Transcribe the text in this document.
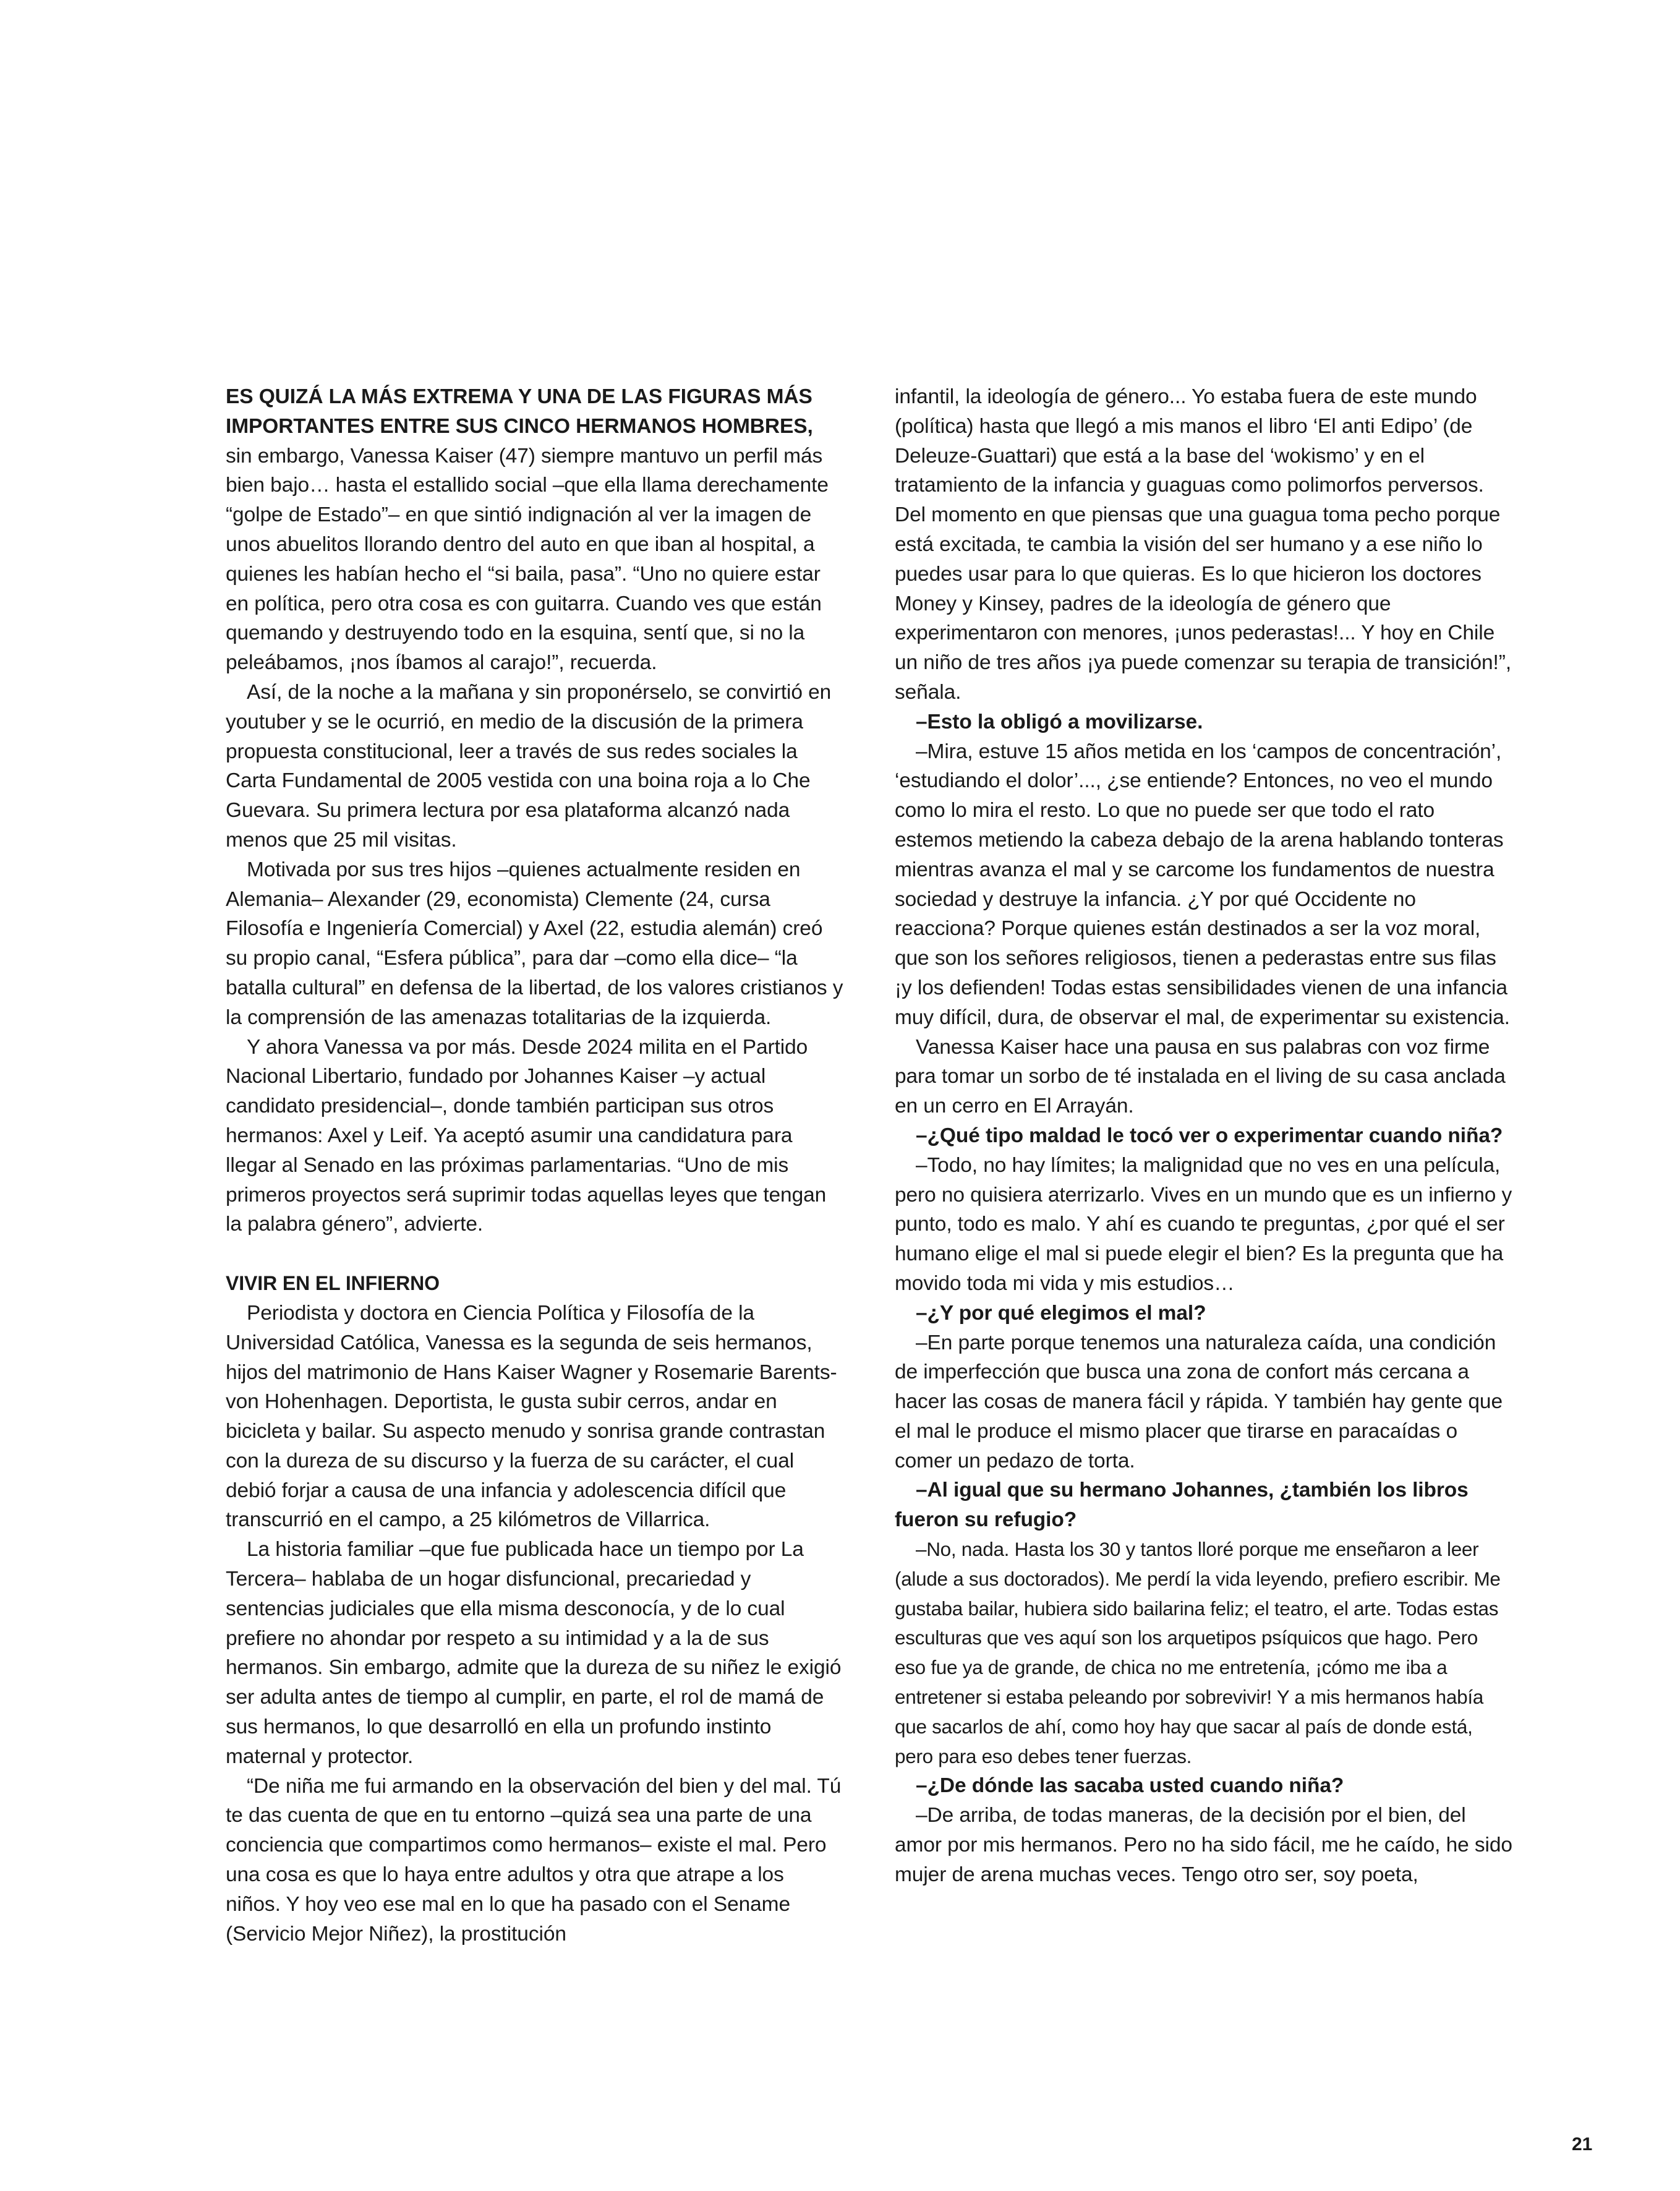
ES QUIZÁ LA MÁS EXTREMA Y UNA DE LAS FIGURAS MÁS IMPORTANTES ENTRE SUS CINCO HERMANOS HOMBRES, sin embargo, Vanessa Kaiser (47) siempre mantuvo un perfil más bien bajo… hasta el estallido social –que ella llama derechamente “golpe de Estado”– en que sintió indignación al ver la imagen de unos abuelitos llorando dentro del auto en que iban al hospital, a quienes les habían hecho el “si baila, pasa”. “Uno no quiere estar en política, pero otra cosa es con guitarra. Cuando ves que están quemando y destruyendo todo en la esquina, sentí que, si no la peleábamos, ¡nos íbamos al carajo!”, recuerda.

Así, de la noche a la mañana y sin proponérselo, se convirtió en youtuber y se le ocurrió, en medio de la discusión de la primera propuesta constitucional, leer a través de sus redes sociales la Carta Fundamental de 2005 vestida con una boina roja a lo Che Guevara. Su primera lectura por esa plataforma alcanzó nada menos que 25 mil visitas.

Motivada por sus tres hijos –quienes actualmente residen en Alemania– Alexander (29, economista) Clemente (24, cursa Filosofía e Ingeniería Comercial) y Axel (22, estudia alemán) creó su propio canal, “Esfera pública”, para dar –como ella dice– “la batalla cultural” en defensa de la libertad, de los valores cristianos y la comprensión de las amenazas totalitarias de la izquierda.

Y ahora Vanessa va por más. Desde 2024 milita en el Partido Nacional Libertario, fundado por Johannes Kaiser –y actual candidato presidencial–, donde también participan sus otros hermanos: Axel y Leif. Ya aceptó asumir una candidatura para llegar al Senado en las próximas parlamentarias. “Uno de mis primeros proyectos será suprimir todas aquellas leyes que tengan la palabra género”, advierte.

VIVIR EN EL INFIERNO

Periodista y doctora en Ciencia Política y Filosofía de la Universidad Católica, Vanessa es la segunda de seis hermanos, hijos del matrimonio de Hans Kaiser Wagner y Rosemarie Barents-von Hohenhagen. Deportista, le gusta subir cerros, andar en bicicleta y bailar. Su aspecto menudo y sonrisa grande contrastan con la dureza de su discurso y la fuerza de su carácter, el cual debió forjar a causa de una infancia y adolescencia difícil que transcurrió en el campo, a 25 kilómetros de Villarrica.

La historia familiar –que fue publicada hace un tiempo por La Tercera– hablaba de un hogar disfuncional, precariedad y sentencias judiciales que ella misma desconocía, y de lo cual prefiere no ahondar por respeto a su intimidad y a la de sus hermanos. Sin embargo, admite que la dureza de su niñez le exigió ser adulta antes de tiempo al cumplir, en parte, el rol de mamá de sus hermanos, lo que desarrolló en ella un profundo instinto maternal y protector.

“De niña me fui armando en la observación del bien y del mal. Tú te das cuenta de que en tu entorno –quizá sea una parte de una conciencia que compartimos como hermanos– existe el mal. Pero una cosa es que lo haya entre adultos y otra que atrape a los niños. Y hoy veo ese mal en lo que ha pasado con el Sename (Servicio Mejor Niñez), la prostitución

infantil, la ideología de género... Yo estaba fuera de este mundo (política) hasta que llegó a mis manos el libro ‘El anti Edipo’ (de Deleuze-Guattari) que está a la base del ‘wokismo’ y en el tratamiento de la infancia y guaguas como polimorfos perversos. Del momento en que piensas que una guagua toma pecho porque está excitada, te cambia la visión del ser humano y a ese niño lo puedes usar para lo que quieras. Es lo que hicieron los doctores Money y Kinsey, padres de la ideología de género que experimentaron con menores, ¡unos pederastas!... Y hoy en Chile un niño de tres años ¡ya puede comenzar su terapia de transición!”, señala.

–Esto la obligó a movilizarse.

–Mira, estuve 15 años metida en los ‘campos de concentración’, ‘estudiando el dolor’..., ¿se entiende? Entonces, no veo el mundo como lo mira el resto. Lo que no puede ser que todo el rato estemos metiendo la cabeza debajo de la arena hablando tonteras mientras avanza el mal y se carcome los fundamentos de nuestra sociedad y destruye la infancia. ¿Y por qué Occidente no reacciona? Porque quienes están destinados a ser la voz moral, que son los señores religiosos, tienen a pederastas entre sus filas ¡y los defienden! Todas estas sensibilidades vienen de una infancia muy difícil, dura, de observar el mal, de experimentar su existencia.

Vanessa Kaiser hace una pausa en sus palabras con voz firme para tomar un sorbo de té instalada en el living de su casa anclada en un cerro en El Arrayán.

–¿Qué tipo maldad le tocó ver o experimentar cuando niña?

–Todo, no hay límites; la malignidad que no ves en una película, pero no quisiera aterrizarlo. Vives en un mundo que es un infierno y punto, todo es malo. Y ahí es cuando te preguntas, ¿por qué el ser humano elige el mal si puede elegir el bien? Es la pregunta que ha movido toda mi vida y mis estudios…

–¿Y por qué elegimos el mal?

–En parte porque tenemos una naturaleza caída, una condición de imperfección que busca una zona de confort más cercana a hacer las cosas de manera fácil y rápida. Y también hay gente que el mal le produce el mismo placer que tirarse en paracaídas o comer un pedazo de torta.

–Al igual que su hermano Johannes, ¿también los libros fueron su refugio?

–No, nada. Hasta los 30 y tantos lloré porque me enseñaron a leer (alude a sus doctorados). Me perdí la vida leyendo, prefiero escribir. Me gustaba bailar, hubiera sido bailarina feliz; el teatro, el arte. Todas estas esculturas que ves aquí son los arquetipos psíquicos que hago. Pero eso fue ya de grande, de chica no me entretenía, ¡cómo me iba a entretener si estaba peleando por sobrevivir! Y a mis hermanos había que sacarlos de ahí, como hoy hay que sacar al país de donde está, pero para eso debes tener fuerzas.

–¿De dónde las sacaba usted cuando niña?

–De arriba, de todas maneras, de la decisión por el bien, del amor por mis hermanos. Pero no ha sido fácil, me he caído, he sido mujer de arena muchas veces. Tengo otro ser, soy poeta,

21
